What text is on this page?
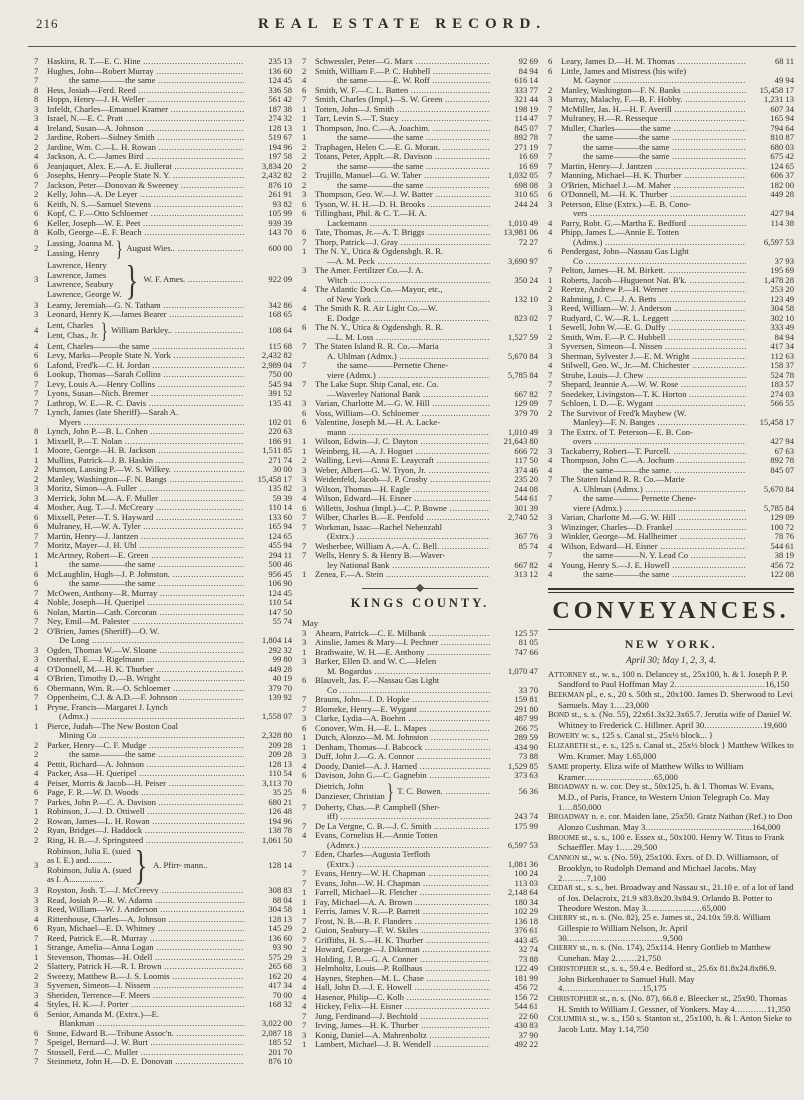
216	REAL ESTATE RECORD.
7	Haskins, R. T.—E. C. Hine .....	235 13
7	Hughes, John—Robert Murray .....	136 60
7	the same———the same .....	124 45
8	Hess, Josiah—Ferd. Reed .....	336 58
8	Hopps, Henry—J. H. Weller .....	561 42
3	Infeldt, Charles—Emanuel Kramer .....	187 38
3	Israel, N.—E. C. Pratt .....	274 32
4	Ireland, Susan—A. Johnson .....	128 13
2	Jardine, Robert—Sidney Smith .....	519 67
2	Jardine, Wm. C.—L. H. Rowan .....	194 96
4	Jackson, A. C.—James Bird .....	197 58
6	Jeanjaquet, Alex. E.—A. E. Jiullerat .....	3,834 20
6	Josephs, Henry—People State N. Y. .....	2,432 82
7	Jackson, Peter—Donovan & Sweeney .....	876 10
2	Kelly, John—A. De Leyer .....	261 91
6	Keith, N. S.—Samuel Stevens .....	93 82
6	Kopf, C. F.—Otto Schloemer .....	105 99
6	Keller, Joseph—W. E. Peet .....	939 39
8	Kolb, George—E. F. Beach .....	143 70
2	Lassing, Joanna M.
Lassing, Henry } August Wies.. .....	600 00
3
Lawrence, Henry
Lawrence, James
Lawrence, Seabury
Lawrence, George W. } W. F. Ames. .....	922 09
3	Leamy, Jeremiah—G. N. Tatham .....	342 86
3	Leonard, Henry K.—James Bearer .....	168 65
4	Lent, Charles
Lent, Chas., Jr. } William Barkley.. .....	108 64
4	Lent, Charles———the same .....	115 68
6	Levy, Marks—People State N. York .....	2,432 82
6	Lafond, Fred'k—C. H. Jordan .....	2,989 04
6	Lookup, Thomas—Sarah Collins .....	750 00
7	Levy, Louis A.—Henry Collins .....	545 94
7	Lyons, Susan—Nich. Bremer .....	391 52
7	Lathrop, W. E.—R. C. Davis .....	135 41
7	Lynch, James (late Sheriff)—Sarah A.
Myers .....	102 01
8	Lynch, John P.—B. L. Cohen .....	220 63
1	Mixsell, P.—T. Nolan .....	186 91
1	Moore, George—H. B. Jackson .....	1,511 85
1	Mullins, Patrick—J. B. Haskin .....	271 74
2	Munson, Lansing P.—W. S. Wilkey. .....	30 00
2	Manley, Washington—F. N. Bangs .....	15,458 17
3	Moritz, Simon—A. Fuller .....	135 82
3	Merrick, John M.—A. F. Muller .....	59 39
4	Mosher, Aug. T.—J. McCreary .....	110 14
6	Mixsell, Peter—T. S. Hayward .....	133 60
6	Mulraney, H.—W. A. Tyler .....	165 94
7	Martin, Henry—J. Jantzen .....	124 65
7	Moritz, Mayer—J. H. Uhl .....	455 94
1	McArtney, Robert—E. Green .....	294 11
1	the same———the same .....	500 46
6	McLaughlin, Hugh—J. P. Johnston. .....	956 45
6	the same———the same .....	106 90
7	McOwen, Anthony—R. Murray .....	124 45
4	Noble, Joseph—H. Queripel .....	110 54
6	Nolan, Martin—Cath. Corcoran .....	147 50
7	Ney, Emil—M. Palester .....	55 74
2	O'Brien, James (Sheriff)—O. W.
De Long .....	1,804 14
3	Ogden, Thomas W.—W. Sloane .....	292 32
3	Osterthal, E.—J. Rigelmann .....	99 80
4	O'Donnell, M.—H. K. Thurber .....	449 28
4	O'Brien, Timothy D.—B. Wright .....	40 19
6	Obermann, Wm. R.—O. Schloemer .....	379 70
7	Oppenheim, C.J. & A.D.—F. Johnson .....	139 92
1	Pryne, Francis—Margaret J. Lynch
(Admx.) .....	1,558 07
1	Pierce, Judah—The New Boston Coal
Mining Co .....	2,328 80
2	Parker, Henry—C. F. Mudge .....	209 28
2	the same———the same .....	209 28
4	Pettit, Richard—A. Johnson .....	128 13
4	Packer, Asa—H. Queripel .....	110 54
4	Peiser, Morris & Jacob—H. Peiser .....	3,113 70
6	Page, F. R.—W. D. Woods .....	35 25
7	Parkes, John P.—C. A. Davison .....	680 21
1	Robinson, J.—J. D. Ottiwell .....	126 48
2	Rowan, James—L. H. Rowan .....	194 96
2	Ryan, Bridget—J. Haddock .....	138 78
2	Ring, H. B.—J. Springsteed .....	1,061 50
3
Robinson, Julia E. (sued
as I. E.) and...........
Robinson, Julia A. (sued
as I. A................ } A. Pfirr- mann..	128 14
3	Royston, Josh. T.—J. McCreevy .....	308 83
3	Read, Josiah P.—R. W. Adams .....	88 04
3	Reed, William—W. J. Anderson .....	304 58
4	Rittenhouse, Charles—A. Johnson .....	128 13
6	Ryan, Michael—E. D. Whitney .....	145 29
7	Reed, Patrick E.—R. Murray .....	136 60
1	Strange, Amelia—Anna Logan .....	93 90
1	Stevenson, Thomas—H. Odell .....	575 29
2	Slattery, Patrick H.—R. I. Brown .....	265 68
2	Sweezy, Matthew B.—J. S. Loomis .....	162 20
3	Syversen, Simeon—I. Nissem .....	417 34
3	Sheriden, Terrence—F. Meers .....	70 00
4	Styles, H. K.—J. Porter .....	168 32
6	Senior, Amanda M. (Extrx.)—E.
Blankman .....	3,022 00
6	Stone, Edward B.—Tribune Assoc'n. .....	2,087 18
7	Speigel, Bernard—J. W. Burt .....	185 52
7	Stossell, Ferd.—C. Muller .....	201 70
7	Steinmetz, John H.—D. E. Donovan .....	876 10
7	Schwessler, Peter—G. Marx .....	92 69
2	Smith, William F.—P. C. Hubbell .....	84 94
4	the same———E. W. Roff .....	616 14
6	Smith, W. F.—C. L. Batten .....	333 77
7	Smith, Charles (Impl.)—S. W. Green .....	321 44
1	Totten, John—J. Smith .....	198 19
1	Tarr, Levin S.—T. Stacy .....	114 47
1	Thompson, Jno. C.—A. Joachim. .....	845 07
1	the same———the same .....	892 78
2	Traphagen, Helen C.—E. G. Moran. .....	271 19
2	Totans, Peter, Applt.—R. Davison .....	16 69
2	the same———the same .....	16 69
2	Trujillo, Manuel—G. W. Taber .....	1,032 05
2	the same———the same .....	698 08
3	Thompson, Geo. W.—J. W. Batter .....	310 65
6	Tyson, W. H. H.—D. H. Brooks .....	244 24
6	Tillinghast, Phil. & C. T.—H. A.
Lackemann .....	1,010 49
6	Tate, Thomas, Jr.—A. T. Briggs .....	13,981 06
7	Thorp, Patrick—J. Gray .....	72 27
1	The N. Y., Utica & Ogdensbgh. R. R.
—A. M. Peck .....	3,690 97
3	The Amer. Fertilizer Co.—J. A.
Witch .....	350 24
4	The Atlantic Dock Co.—Mayor, etc.,
of New York .....	132 10
4	The Smith R. R. Air Light Co.—W.
E. Dodge .....	823 02
6	The N. Y., Utica & Ogdensbgh. R. R.
—L. M. Loss .....	1,527 59
7	The Staten Island R. R. Co.—Maria
A. Uhlman (Admx.) .....	5,670 84
7	the same———Pernette Chene-
viere (Admx.) .....	5,785 84
7	The Lake Supr. Ship Canal, etc. Co.
—Waverley National Bank .....	667 82
3	Varian, Charlotte M.—G. W. Hill .....	129 09
6	Voss, William—O. Schloemer .....	379 70
6	Valentine, Joseph M.—H. A. Lacke-
mann .....	1,010 49
1	Wilson, Edwin—J. C. Dayton .....	21,643 80
1	Weinberg, H.—A. J. Hoguet .....	666 72
2	Walling, Levi—Anna E. Leaycraft .....	117 50
3	Weber, Albert—G. W. Tryon, Jr. .....	374 46
3	Weidenfeld, Jacob—J. P. Crosby .....	235 20
3	Wilson, Thomas—H. Eagle .....	244 08
4	Wilson, Edward—H. Eisner .....	544 61
6	Willetts, Joshua (Impl.)—C. P. Bowne .....	301 39
7	Wilber, Charles B.—E. Penfold .....	2,740 52
7	Workman, Isaac—Rachel Nebenzahl
(Extrx.) .....	367 76
7	Wetherbee, William A.—A. C. Bell. .....	85 74
7	Wells, Henry S. & Henry B.—Waver-
ley National Bank .....	667 82
1	Zenea, F.—A. Stein .....	313 12
KINGS COUNTY.
May
3	Ahearn, Patrick—C. E. Milbank .....	125 57
3	Ainslie, James & Mary—I. Pechner .....	81 05
1	Brathwaite, W. H.—E. Anthony .....	747 66
3	Barker, Ellen D. and W. C.—Helen
M. Bogardus .....	1,070 47
6	Blauvelt, Jas. F.—Nassau Gas Light
Co .....	33 70
7	Brauns, John—J. D. Hopke .....	159 81
7	Blomeke, Henry—E. Wygant .....	291 80
3	Clarke, Lydia—A. Boehm .....	487 99
6	Conover, Wm. H.—E. L. Mapes .....	266 75
1	Dutch, Alonzo—M. M. Johnston .....	289 59
1	Denham, Thomas—J. Babcock .....	434 90
3	Duff, John J.—G. A. Connor .....	73 88
4	Doody, Daniel—A. J. Harned .....	1,529 85
6	Davison, John G.—C. Gagnebin .....	373 63
6	Dietrich, John
Danzieser, Christian } T. C. Bowen. .....	56 36
7	Doherty, Chas.—P. Campbell (Sher-
iff) .....	243 74
7	De La Vergne, C. B.—J. C. Smith .....	175 99
4	Evans, Cornelius H.—Annie Totten
(Admrx.) .....	6,597 53
7	Eden, Charles—Augusta Terfloth
(Extrx.) .....	1,081 36
7	Evans, Henry—W. H. Chapman .....	100 24
7	Evans, John—W. H. Chapman .....	113 03
1	Farrell, Michael—R. Fletcher .....	2,148 64
1	Fay, Michael—A. A. Brown .....	180 34
1	Ferris, James V. R.—P. Barrett .....	102 29
7	Frost, N. B.—B. F. Flanders .....	136 18
2	Guion, Seabury—F. W. Skiles .....	376 61
7	Griffiths, H. S.—H. K. Thurber .....	443 45
2	Howard, George—J. Dikeman .....	32 74
3	Holding, J. B.—G. A. Conner .....	73 88
3	Helmholtz, Louis—P. Rollhaus .....	122 49
4	Haynes, Stephen—M. L. Chase .....	181 99
4	Hall, John D.—J. E. Howell .....	456 72
4	Hasenor, Philip—C. Kolb .....	156 72
4	Hickey, Felix—H. Eisner .....	544 61
7	Jung, Ferdinand—J. Bechtold .....	22 60
7	Irving, James—H. K. Thurber .....	430 83
3	Konig, Daniel—A. Mahrenholtz .....	37 90
1	Lambert, Michael—J. B. Wendell .....	492 22
6	Leary, James D.—H. M. Thomas .....	68 11
6	Little, James and Mistress (his wife)
M. Gaynor .....	49 94
2	Manley, Washington—F. N. Banks .....	15,458 17
3	Murray, Malachy, F.—B. F. Hobby. .....	1,231 13
7	McMiller, Jas. H.—H. F. Averill .....	607 34
7	Mulraney, H.—R. Resseque .....	165 94
7	Muller, Charles———the same .....	794 64
7	the same———the same .....	810 87
7	the same———the same .....	680 03
7	the same———the same .....	675 42
7	Martin, Henry—J. Jantzen .....	124 65
7	Manning, Michael—H. K. Thurber .....	606 37
3	O'Brien, Michael J.—M. Maher .....	182 00
6	O'Donnell, M.—H. K. Thurber .....	449 28
3	Peterson, Elise (Extrx.)—E. B. Cono-
vers .....	427 94
4	Parry, Robt. G.—Martha E. Bedford .....	114 38
4	Phipp, James L.—Annie E. Totten
(Admx.) .....	6,597 53
6	Pendergast, John—Nassau Gas Light
Co .....	37 93
7	Pelton, James—H. M. Birkett. .....	195 69
1	Roberts, Jacob—Huguenot Nat. B'k. .....	1,478 28
2	Reetze, Andrew P.—H. Werner .....	253 20
2	Rahming, J. C.—J. A. Betts .....	123 49
3	Reed, William—W. J. Anderson .....	304 58
7	Rudyard, C. W.—R. L. Leggett .....	302 10
1	Sewell, John W.—E. G. Duffy .....	333 49
2	Smith, Wm. F.—P. C. Hubbell .....	84 94
3	Syversen, Simeon—I. Nissen .....	417 34
3	Sherman, Sylvester J.—E. M. Wright .....	112 63
4	Stilwell, Geo. W., Jr.—M. Chichester .....	158 37
7	Strube, Louis—J. Chew .....	524 78
7	Shepard, Jeannie A.—W. W. Rose .....	183 57
7	Snedeker, Livingston—T. K. Horton .....	274 03
7	Schloen, I. D.—E. Wygant .....	566 55
2	The Survivor of Fred'k Mayhew (W.
Manley)—F. N. Banges .....	15,458 17
3	The Extrx. of T. Peterson—E. B. Con-
overs .....	427 94
3	Tackaberry, Robert—T. Purcell. .....	67 63
4	Thompson, John C.—A. Jochum .....	892 78
4	the same———the same. .....	845 07
7	The Staten Island R. R. Co.—Marie
A. Uhlman (Admx.) .....	5,670 84
7	the same——— Pernette Chene-
viere (Admx.) .....	5,785 84
3	Varian, Charlotte M.—G. W. Hill .....	129 09
3	Winzinger, Charles—D. Frankel .....	100 72
3	Winkler, George—M. Hallheimer .....	78 76
4	Wilson, Edward—H. Eisner .....	544 61
7	the same———N. Y. Lead Co .....	38 19
4	Young, Henry S.—J. E. Howell .....	456 72
4	the same———the same .....	122 08
CONVEYANCES.
NEW YORK.
April 30; May 1, 2, 3, 4.

ATTORNEY st., w. s., 100 n. Delancey st., 25x100, h. & l. Joseph P. P. Sandford to Paul Hoffman May 2..................................16,150

BEEKMAN pl., e. s., 20 s. 50th st., 20x100. James D. Sherwood to Levi Samuels. May 1....23,000

BOND st., s. s. (No. 55), 22x61.3x32.3x65.7. Jerutia wife of Daniel W. Whitney to Frederick C. Hillmer. April 30......................19,600

BOWERY w. s., 125 s. Canal st., 25x½ block... }

ELIZABETH st., e. s., 125 s. Canal st., 25x½ block } Matthew Wilkes to Wm. Kramer. May 1.65,000

SAME property. Eliza wife of Matthew Wilks to William Kramer..........................65,000

BROADWAY n. w. cor. Dey st., 50x125, h. & l. Thomas W. Evans, M.D., of Paris, France, to Western Union Telegraph Co. May 1....850,000

BROADWAY n. e. cor. Maiden lane, 25x50. Gratz Nathan (Ref.) to Don Alonzo Cushman. May 3........................................164,000

BROOME st., s. s., 100 e. Essex st., 50x100. Henry W. Titus to Frank Schaeffler. May 1.....29,500

CANNON st., w. s. (No. 59), 25x100. Exrs. of D. D. Williamson, of Brooklyn, to Rudolph Demand and Michael Jacobs. May 2.........7,100

CEDAR st., s. s., bet. Broadway and Nassau st., 21.10 e. of a lot of land of Jos. Delacroix, 21.9 x83.8x20.3x84.9. Orlando B. Potter to Theodore Weston. May 3.....................65,000

CHERRY st., n. s. (No. 82), 25 e. James st., 24.10x 59.8. William Gillespie to William Nelson, Jr. April 30....................................9,500

CHERRY st., n. s. (No. 174), 25x114. Henry Gottlieb to Matthew Cunehan. May 2........21,750

CHRISTOPHER st., s. s., 59.4 e. Bedford st., 25.6x 81.8x24.8x86.9. John Birkenhauer to Samuel Hull. May 4..............................15,175

CHRISTOPHER st., n. s. (No. 87), 66.8 e. Bleecker st., 25x90. Thomas H. Smith to William J. Gessner, of Yonkers. May 4............11,350

COLUMBIA st., w. s., 150 s. Stanton st., 25x100, h. & l. Anton Sieke to Jacob Lutz. May 1.14,750
